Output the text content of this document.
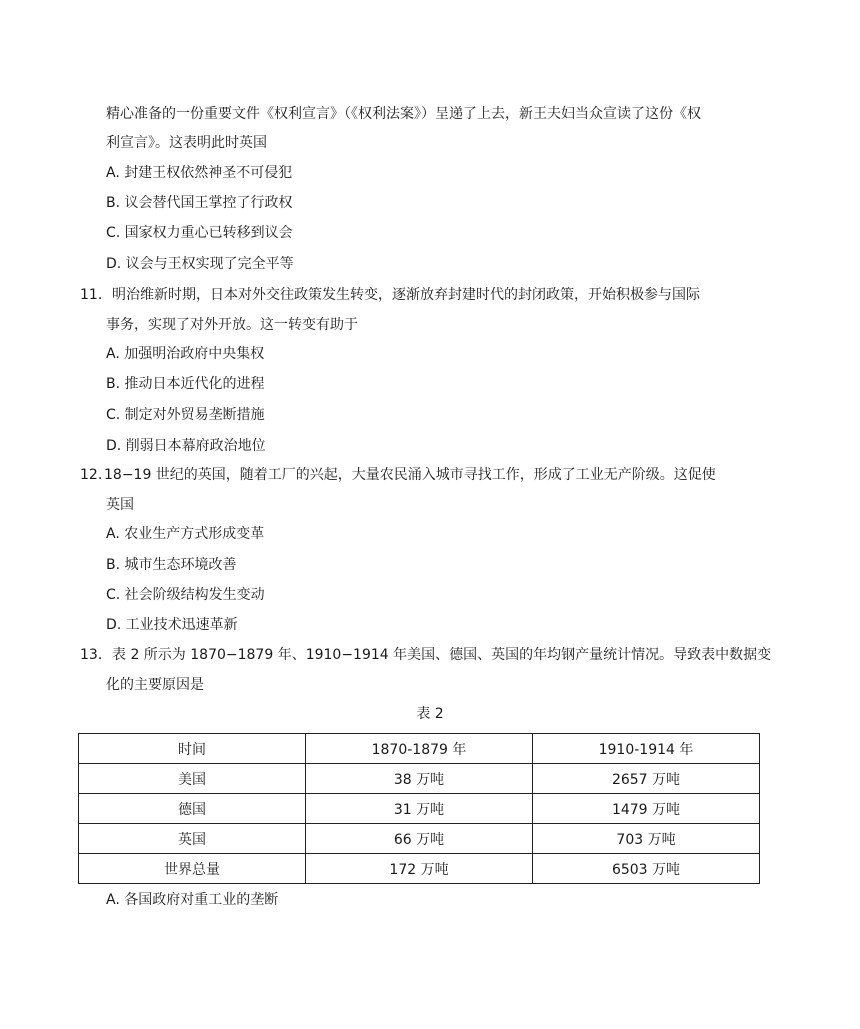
精心准备的一份重要文件《权利宣言》（《权利法案》）呈递了上去，新王夫妇当众宣读了这份《权
利宣言》。这表明此时英国
A. 封建王权依然神圣不可侵犯
B. 议会替代国王掌控了行政权
C. 国家权力重心已转移到议会
D. 议会与王权实现了完全平等
11． 明治维新时期，日本对外交往政策发生转变，逐渐放弃封建时代的封闭政策，开始积极参与国际
事务，实现了对外开放。这一转变有助于
A. 加强明治政府中央集权
B. 推动日本近代化的进程
C. 制定对外贸易垄断措施
D. 削弱日本幕府政治地位
12. 18−19 世纪的英国，随着工厂的兴起，大量农民涌入城市寻找工作，形成了工业无产阶级。这促使
英国
A. 农业生产方式形成变革
B. 城市生态环境改善
C. 社会阶级结构发生变动
D. 工业技术迅速革新
13． 表 2 所示为 1870−1879 年、1910−1914 年美国、德国、英国的年均钢产量统计情况。导致表中数据变
化的主要原因是
表 2
时间	1870-1879 年	1910-1914 年
美国	38 万吨	2657 万吨
德国	31 万吨	1479 万吨
英国	66 万吨	703 万吨
世界总量	172 万吨	6503 万吨
A. 各国政府对重工业的垄断
